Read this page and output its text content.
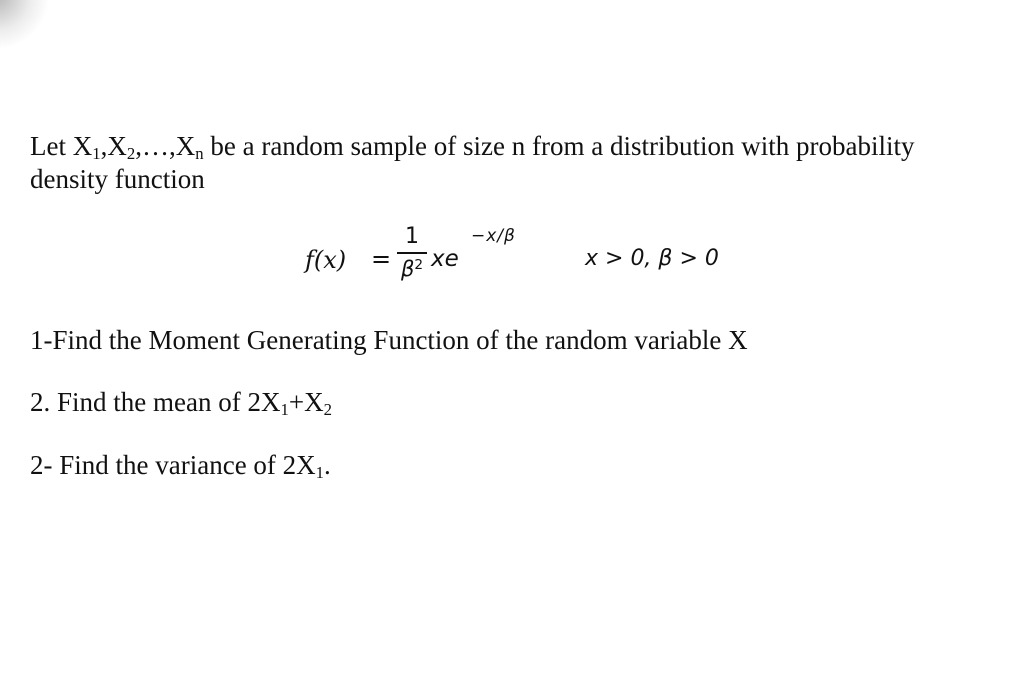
Let $X_1,X_2,\dots,X_n$ be a random sample of size n from a distribution with probability density function

f(x) =
1
$\beta^2$ xe
−x/β
x > 0, β > 0

1-Find the Moment Generating Function of the random variable X

2. Find the mean of $2X_1+X_2$

2- Find the variance of $2X_1$.
